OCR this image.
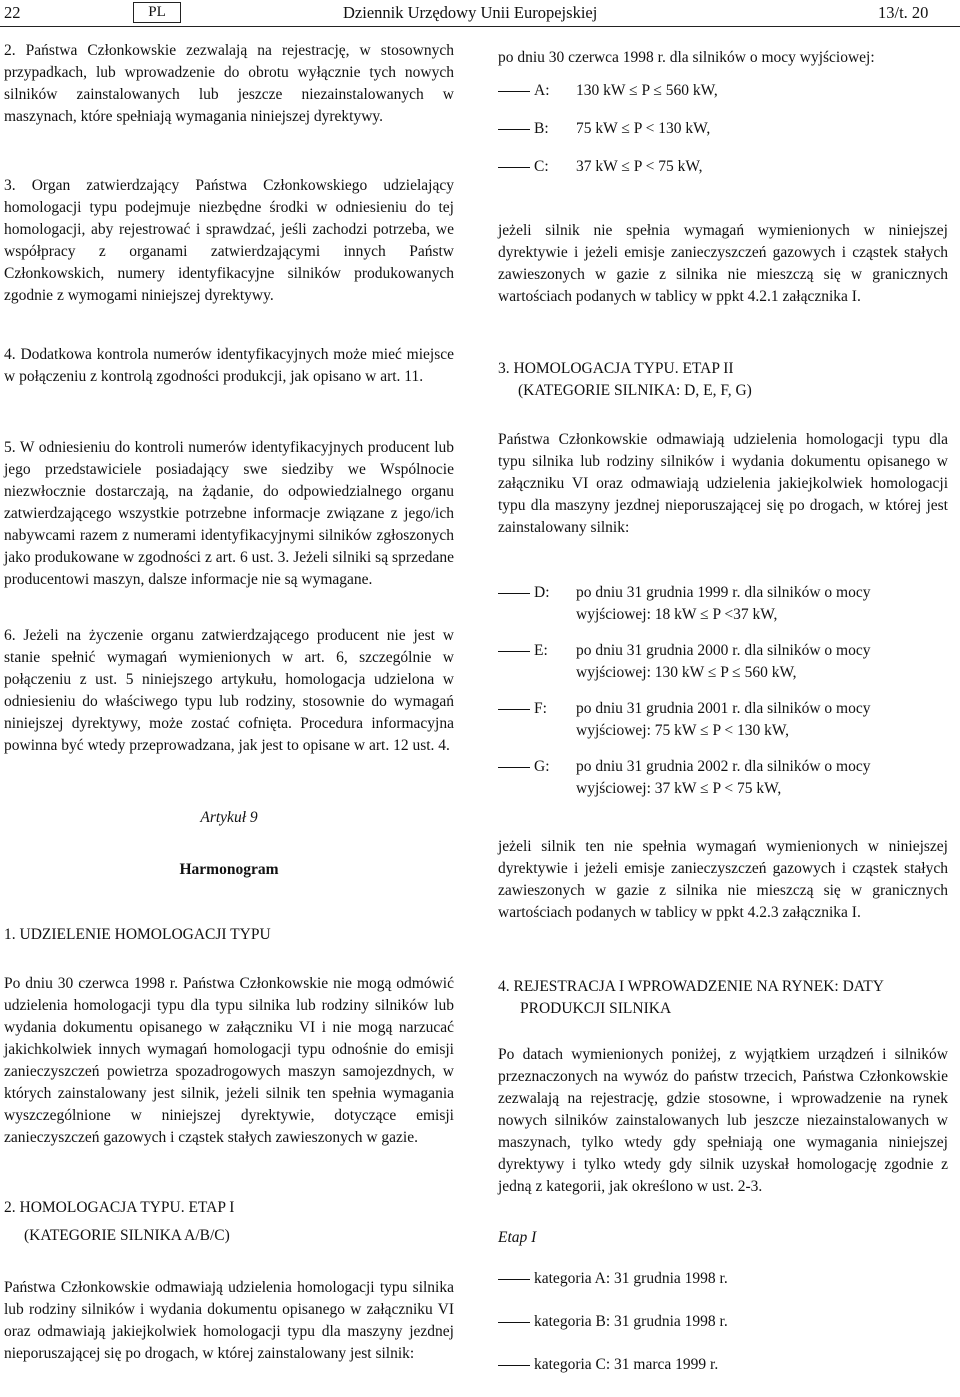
22	PL	Dziennik Urzędowy Unii Europejskiej	13/t. 20
2. Państwa Członkowskie zezwalają na rejestrację, w stosownych przypadkach, lub wprowadzenie do obrotu wyłącznie tych nowych silników zainstalowanych lub jeszcze niezainstalowanych w maszynach, które spełniają wymagania niniejszej dyrektywy.
3. Organ zatwierdzający Państwa Członkowskiego udzielający homologacji typu podejmuje niezbędne środki w odniesieniu do tej homologacji, aby rejestrować i sprawdzać, jeśli zachodzi potrzeba, we współpracy z organami zatwierdzającymi innych Państw Członkowskich, numery identyfikacyjne silników produkowanych zgodnie z wymogami niniejszej dyrektywy.
4. Dodatkowa kontrola numerów identyfikacyjnych może mieć miejsce w połączeniu z kontrolą zgodności produkcji, jak opisano w art. 11.
5. W odniesieniu do kontroli numerów identyfikacyjnych producent lub jego przedstawiciele posiadający swe siedziby we Wspólnocie niezwłocznie dostarczają, na żądanie, do odpowiedzialnego organu zatwierdzającego wszystkie potrzebne informacje związane z jego/ich nabywcami razem z numerami identyfikacyjnymi silników zgłoszonych jako produkowane w zgodności z art. 6 ust. 3. Jeżeli silniki są sprzedane producentowi maszyn, dalsze informacje nie są wymagane.
6. Jeżeli na życzenie organu zatwierdzającego producent nie jest w stanie spełnić wymagań wymienionych w art. 6, szczególnie w połączeniu z ust. 5 niniejszego artykułu, homologacja udzielona w odniesieniu do właściwego typu lub rodziny, stosownie do wymagań niniejszej dyrektywy, może zostać cofnięta. Procedura informacyjna powinna być wtedy przeprowadzana, jak jest to opisane w art. 12 ust. 4.
Artykuł 9
Harmonogram
1. UDZIELENIE HOMOLOGACJI TYPU
Po dniu 30 czerwca 1998 r. Państwa Członkowskie nie mogą odmówić udzielenia homologacji typu dla typu silnika lub rodziny silników lub wydania dokumentu opisanego w załączniku VI i nie mogą narzucać jakichkolwiek innych wymagań homologacji typu odnośnie do emisji zanieczyszczeń powietrza spozadrogowych maszyn samojezdnych, w których zainstalowany jest silnik, jeżeli silnik ten spełnia wymagania wyszczególnione w niniejszej dyrektywie, dotyczące emisji zanieczyszczeń gazowych i cząstek stałych zawieszonych w gazie.
2. HOMOLOGACJA TYPU. ETAP I
(KATEGORIE SILNIKA A/B/C)
Państwa Członkowskie odmawiają udzielenia homologacji typu silnika lub rodziny silników i wydania dokumentu opisanego w załączniku VI oraz odmawiają jakiejkolwiek homologacji typu dla maszyny jezdnej nieporuszającej się po drogach, w której zainstalowany jest silnik:
po dniu 30 czerwca 1998 r. dla silników o mocy wyjściowej:
A: 130 kW ≤ P ≤ 560 kW,
B: 75 kW ≤ P < 130 kW,
C: 37 kW ≤ P < 75 kW,
jeżeli silnik nie spełnia wymagań wymienionych w niniejszej dyrektywie i jeżeli emisje zanieczyszczeń gazowych i cząstek stałych zawieszonych w gazie z silnika nie mieszczą się w granicznych wartościach podanych w tablicy w ppkt 4.2.1 załącznika I.
3. HOMOLOGACJA TYPU. ETAP II
(KATEGORIE SILNIKA: D, E, F, G)
Państwa Członkowskie odmawiają udzielenia homologacji typu dla typu silnika lub rodziny silników i wydania dokumentu opisanego w załączniku VI oraz odmawiają udzielenia jakiejkolwiek homologacji typu dla maszyny jezdnej nieporuszającej się po drogach, w której jest zainstalowany silnik:
D: po dniu 31 grudnia 1999 r. dla silników o mocy
wyjściowej: 18 kW ≤ P <37 kW,
E: po dniu 31 grudnia 2000 r. dla silników o mocy
wyjściowej: 130 kW ≤ P ≤ 560 kW,
F: po dniu 31 grudnia 2001 r. dla silników o mocy
wyjściowej: 75 kW ≤ P < 130 kW,
G: po dniu 31 grudnia 2002 r. dla silników o mocy
wyjściowej: 37 kW ≤ P < 75 kW,
jeżeli silnik ten nie spełnia wymagań wymienionych w niniejszej dyrektywie i jeżeli emisje zanieczyszczeń gazowych i cząstek stałych zawieszonych w gazie z silnika nie mieszczą się w granicznych wartościach podanych w tablicy w ppkt 4.2.3 załącznika I.
4. REJESTRACJA I WPROWADZENIE NA RYNEK: DATY
PRODUKCJI SILNIKA
Po datach wymienionych poniżej, z wyjątkiem urządzeń i silników przeznaczonych na wywóz do państw trzecich, Państwa Członkowskie zezwalają na rejestrację, gdzie stosowne, i wprowadzenie na rynek nowych silników zainstalowanych lub jeszcze niezainstalowanych w maszynach, tylko wtedy gdy spełniają one wymagania niniejszej dyrektywy i tylko wtedy gdy silnik uzyskał homologację zgodnie z jedną z kategorii, jak określono w ust. 2-3.
Etap I
kategoria A: 31 grudnia 1998 r.
kategoria B: 31 grudnia 1998 r.
kategoria C: 31 marca 1999 r.
